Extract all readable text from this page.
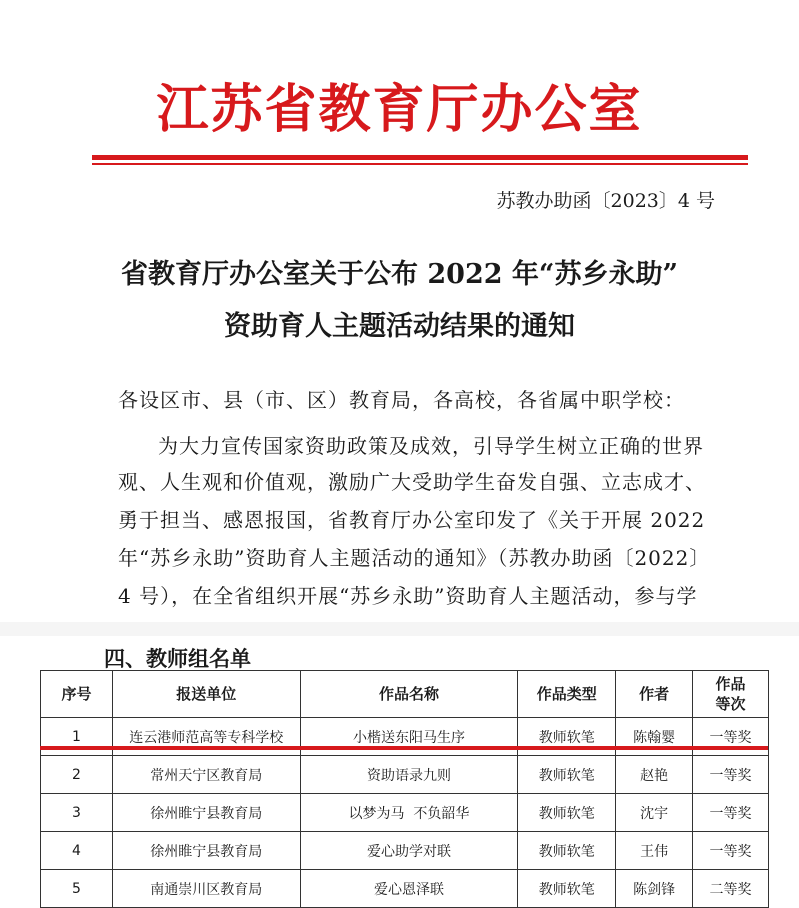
江苏省教育厅办公室
苏教办助函〔2023〕4 号
省教育厅办公室关于公布 2022 年“苏乡永助”
资助育人主题活动结果的通知
各设区市、县（市、区）教育局，各高校，各省属中职学校：
为大力宣传国家资助政策及成效，引导学生树立正确的世界
观、人生观和价值观，激励广大受助学生奋发自强、立志成才、
勇于担当、感恩报国，省教育厅办公室印发了《关于开展 2022
年“苏乡永助”资助育人主题活动的通知》（苏教办助函〔2022〕
4 号），在全省组织开展“苏乡永助”资助育人主题活动，参与学
四、教师组名单
序号	报送单位	作品名称	作品类型	作者	作品
等次
1	连云港师范高等专科学校	小楷送东阳马生序	教师软笔	陈翰婴	一等奖
2	常州天宁区教育局	资助语录九则	教师软笔	赵艳	一等奖
3	徐州睢宁县教育局	以梦为马  不负韶华	教师软笔	沈宇	一等奖
4	徐州睢宁县教育局	爱心助学对联	教师软笔	王伟	一等奖
5	南通崇川区教育局	爱心恩泽联	教师软笔	陈剑锋	二等奖
